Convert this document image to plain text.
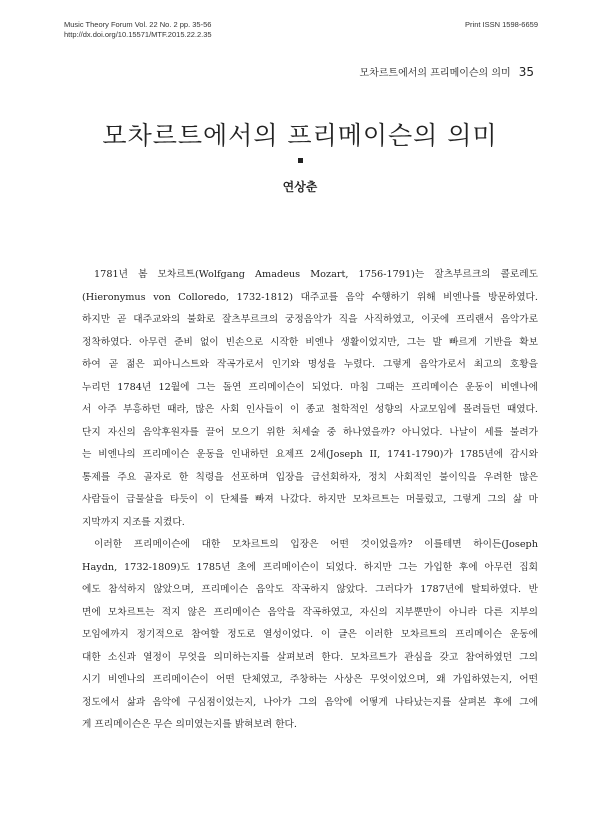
Music Theory Forum Vol. 22 No. 2 pp. 35-56
http://dx.doi.org/10.15571/MTF.2015.22.2.35
Print ISSN 1598-6659
모차르트에서의 프리메이슨의 의미 35
모차르트에서의 프리메이슨의 의미
연상춘
1781년 봄 모차르트(Wolfgang Amadeus Mozart, 1756-1791)는 잘츠부르크의 콜로레도
(Hieronymus von Colloredo, 1732-1812) 대주교를 음악 수행하기 위해 비엔나를 방문하였다.
하지만 곧 대주교와의 불화로 잘츠부르크의 궁정음악가 직을 사직하였고, 이곳에 프리랜서 음악가로
정착하였다. 아무런 준비 없이 빈손으로 시작한 비엔나 생활이었지만, 그는 발 빠르게 기반을 확보
하여 곧 젊은 피아니스트와 작곡가로서 인기와 명성을 누렸다. 그렇게 음악가로서 최고의 호황을
누리던 1784년 12월에 그는 돌연 프리메이슨이 되었다. 마침 그때는 프리메이슨 운동이 비엔나에
서 아주 부흥하던 때라, 많은 사회 인사들이 이 종교 철학적인 성향의 사교모임에 몰려들던 때였다.
단지 자신의 음악후원자를 끌어 모으기 위한 처세술 중 하나였을까? 아니었다. 나날이 세를 불려가
는 비엔나의 프리메이슨 운동을 인내하던 요제프 2세(Joseph II, 1741-1790)가 1785년에 감시와
통제를 주요 골자로 한 칙령을 선포하며 입장을 급선회하자, 정치 사회적인 불이익을 우려한 많은
사람들이 급물살을 타듯이 이 단체를 빠져 나갔다. 하지만 모차르트는 머물렀고, 그렇게 그의 삶 마
지막까지 지조를 지켰다.
이러한 프리메이슨에 대한 모차르트의 입장은 어떤 것이었을까? 이를테면 하이든(Joseph
Haydn, 1732-1809)도 1785년 초에 프리메이슨이 되었다. 하지만 그는 가입한 후에 아무런 집회
에도 참석하지 않았으며, 프리메이슨 음악도 작곡하지 않았다. 그러다가 1787년에 탈퇴하였다. 반
면에 모차르트는 적지 않은 프리메이슨 음악을 작곡하였고, 자신의 지부뿐만이 아니라 다른 지부의
모임에까지 정기적으로 참여할 정도로 열성이었다. 이 글은 이러한 모차르트의 프리메이슨 운동에
대한 소신과 열정이 무엇을 의미하는지를 살펴보려 한다. 모차르트가 관심을 갖고 참여하였던 그의
시기 비엔나의 프리메이슨이 어떤 단체였고, 주창하는 사상은 무엇이었으며, 왜 가입하였는지, 어떤
정도에서 삶과 음악에 구심점이었는지, 나아가 그의 음악에 어떻게 나타났는지를 살펴본 후에 그에
게 프리메이슨은 무슨 의미였는지를 밝혀보려 한다.
